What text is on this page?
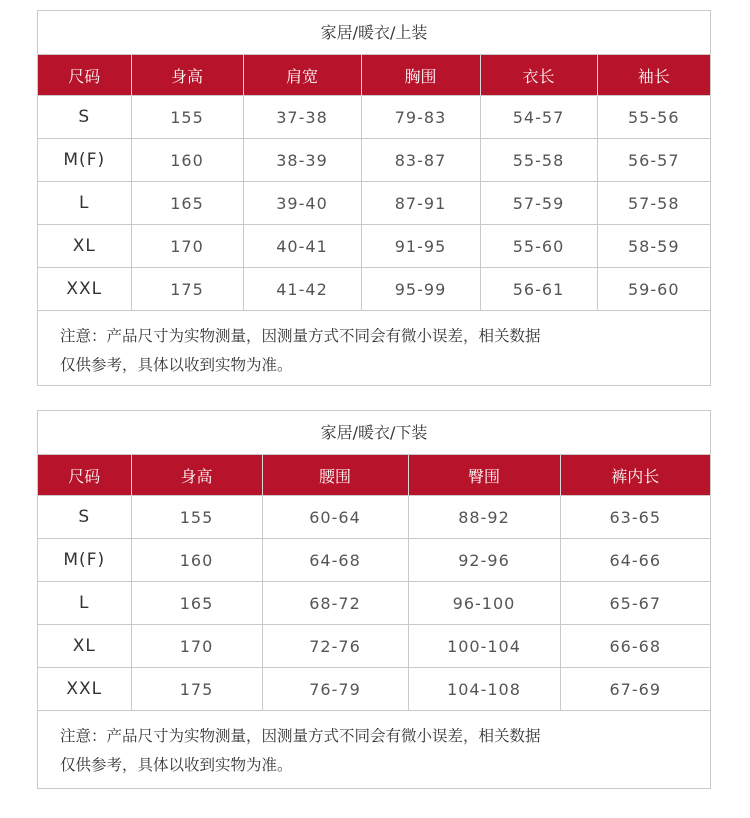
家居/暖衣/上装
尺码	身高	肩宽	胸围	衣长	袖长
S	155	37-38	79-83	54-57	55-56
M(F)	160	38-39	83-87	55-58	56-57
L	165	39-40	87-91	57-59	57-58
XL	170	40-41	91-95	55-60	58-59
XXL	175	41-42	95-99	56-61	59-60
注意：产品尺寸为实物测量，因测量方式不同会有微小误差，相关数据
仅供参考，具体以收到实物为准。
家居/暖衣/下装
尺码	身高	腰围	臀围	裤内长
S	155	60-64	88-92	63-65
M(F)	160	64-68	92-96	64-66
L	165	68-72	96-100	65-67
XL	170	72-76	100-104	66-68
XXL	175	76-79	104-108	67-69
注意：产品尺寸为实物测量，因测量方式不同会有微小误差，相关数据
仅供参考，具体以收到实物为准。
